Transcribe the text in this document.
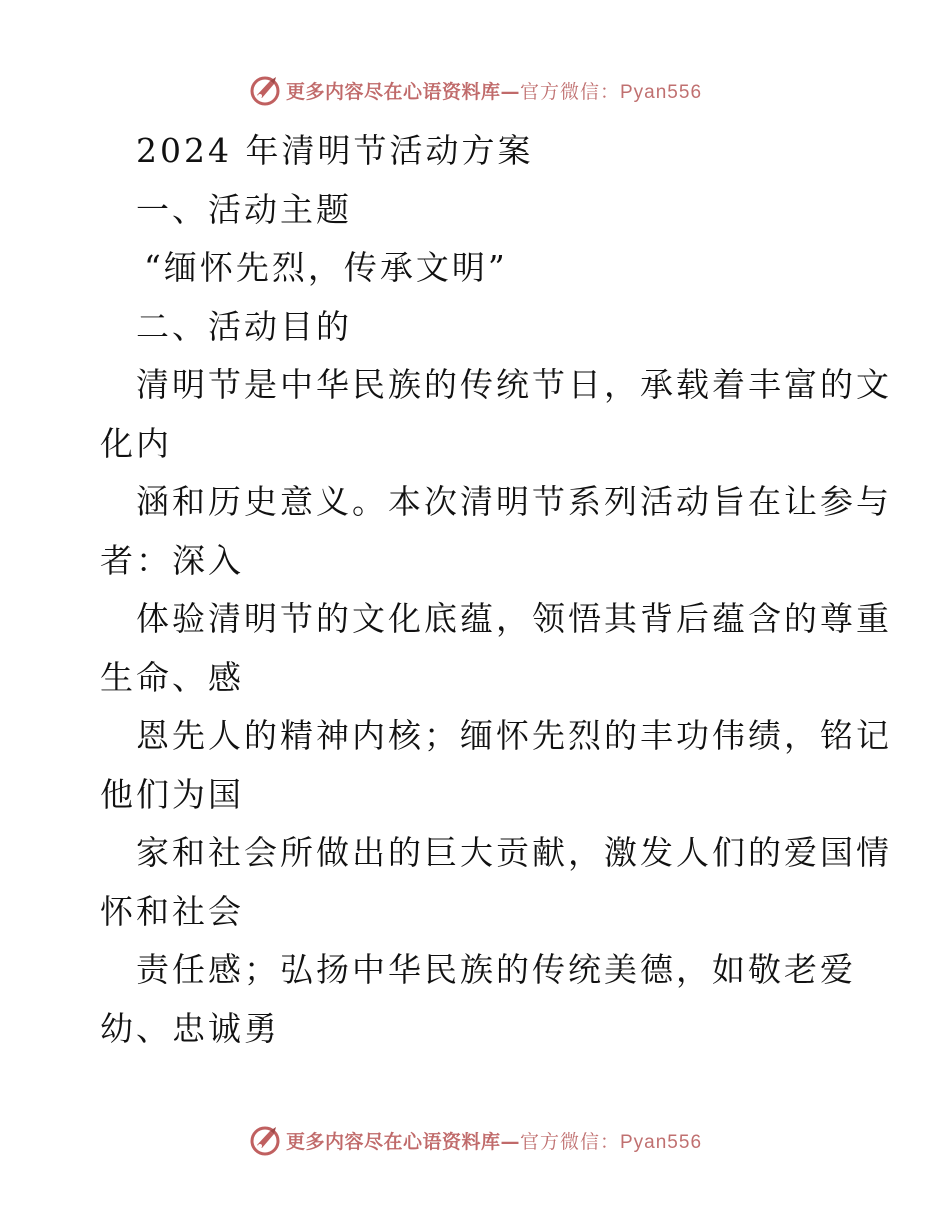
更多内容尽在心语资料库— 官方微信：Pyan556
2024 年清明节活动方案
一、活动主题
“缅怀先烈，传承文明”
二、活动目的
清明节是中华民族的传统节日，承载着丰富的文
化内
涵和历史意义。本次清明节系列活动旨在让参与
者：深入
体验清明节的文化底蕴，领悟其背后蕴含的尊重
生命、感
恩先人的精神内核；缅怀先烈的丰功伟绩，铭记
他们为国
家和社会所做出的巨大贡献，激发人们的爱国情
怀和社会
责任感；弘扬中华民族的传统美德，如敬老爱
幼、忠诚勇
更多内容尽在心语资料库— 官方微信：Pyan556
